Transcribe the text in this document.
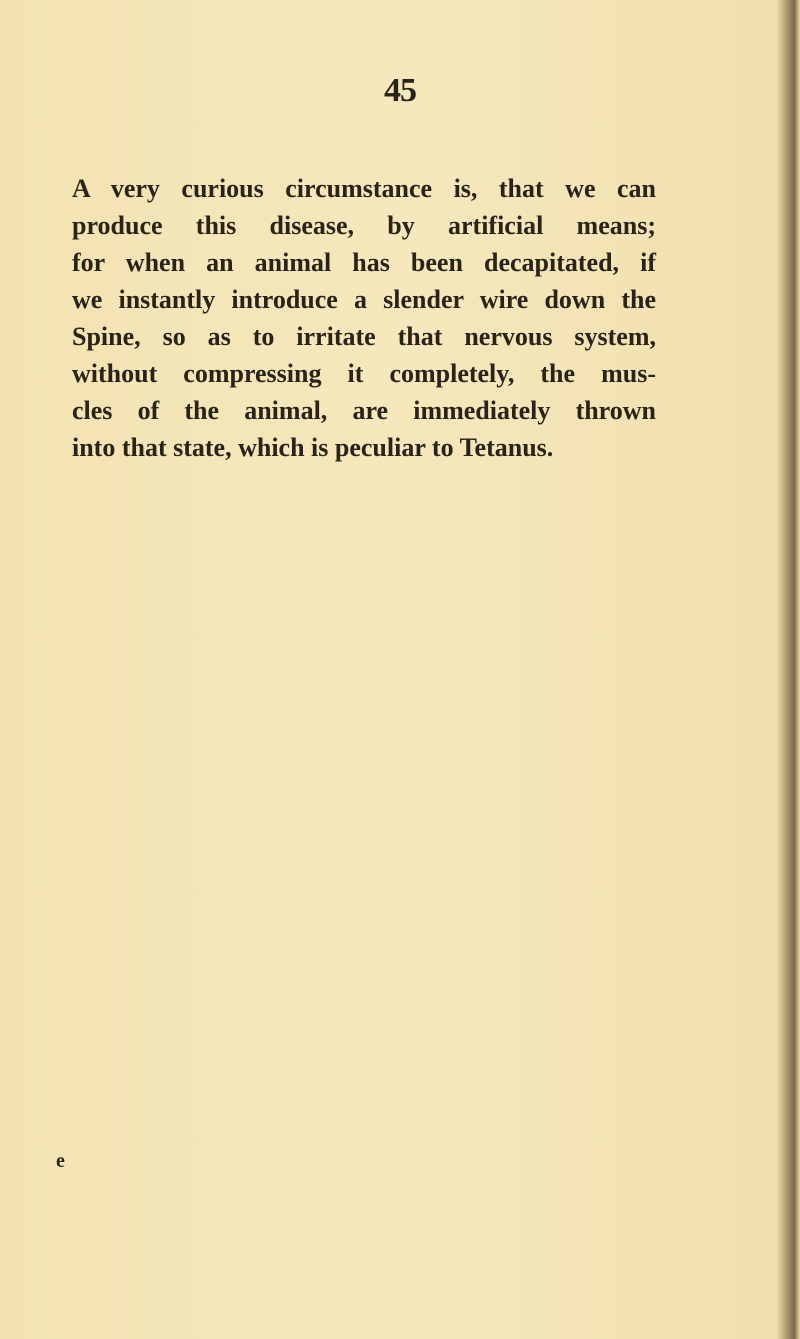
45
A very curious circumstance is, that we can
produce this disease, by artificial means;
for when an animal has been decapitated, if
we instantly introduce a slender wire down the
Spine, so as to irritate that nervous system,
without compressing it completely, the mus-
cles of the animal, are immediately thrown
into that state, which is peculiar to Tetanus.
e
